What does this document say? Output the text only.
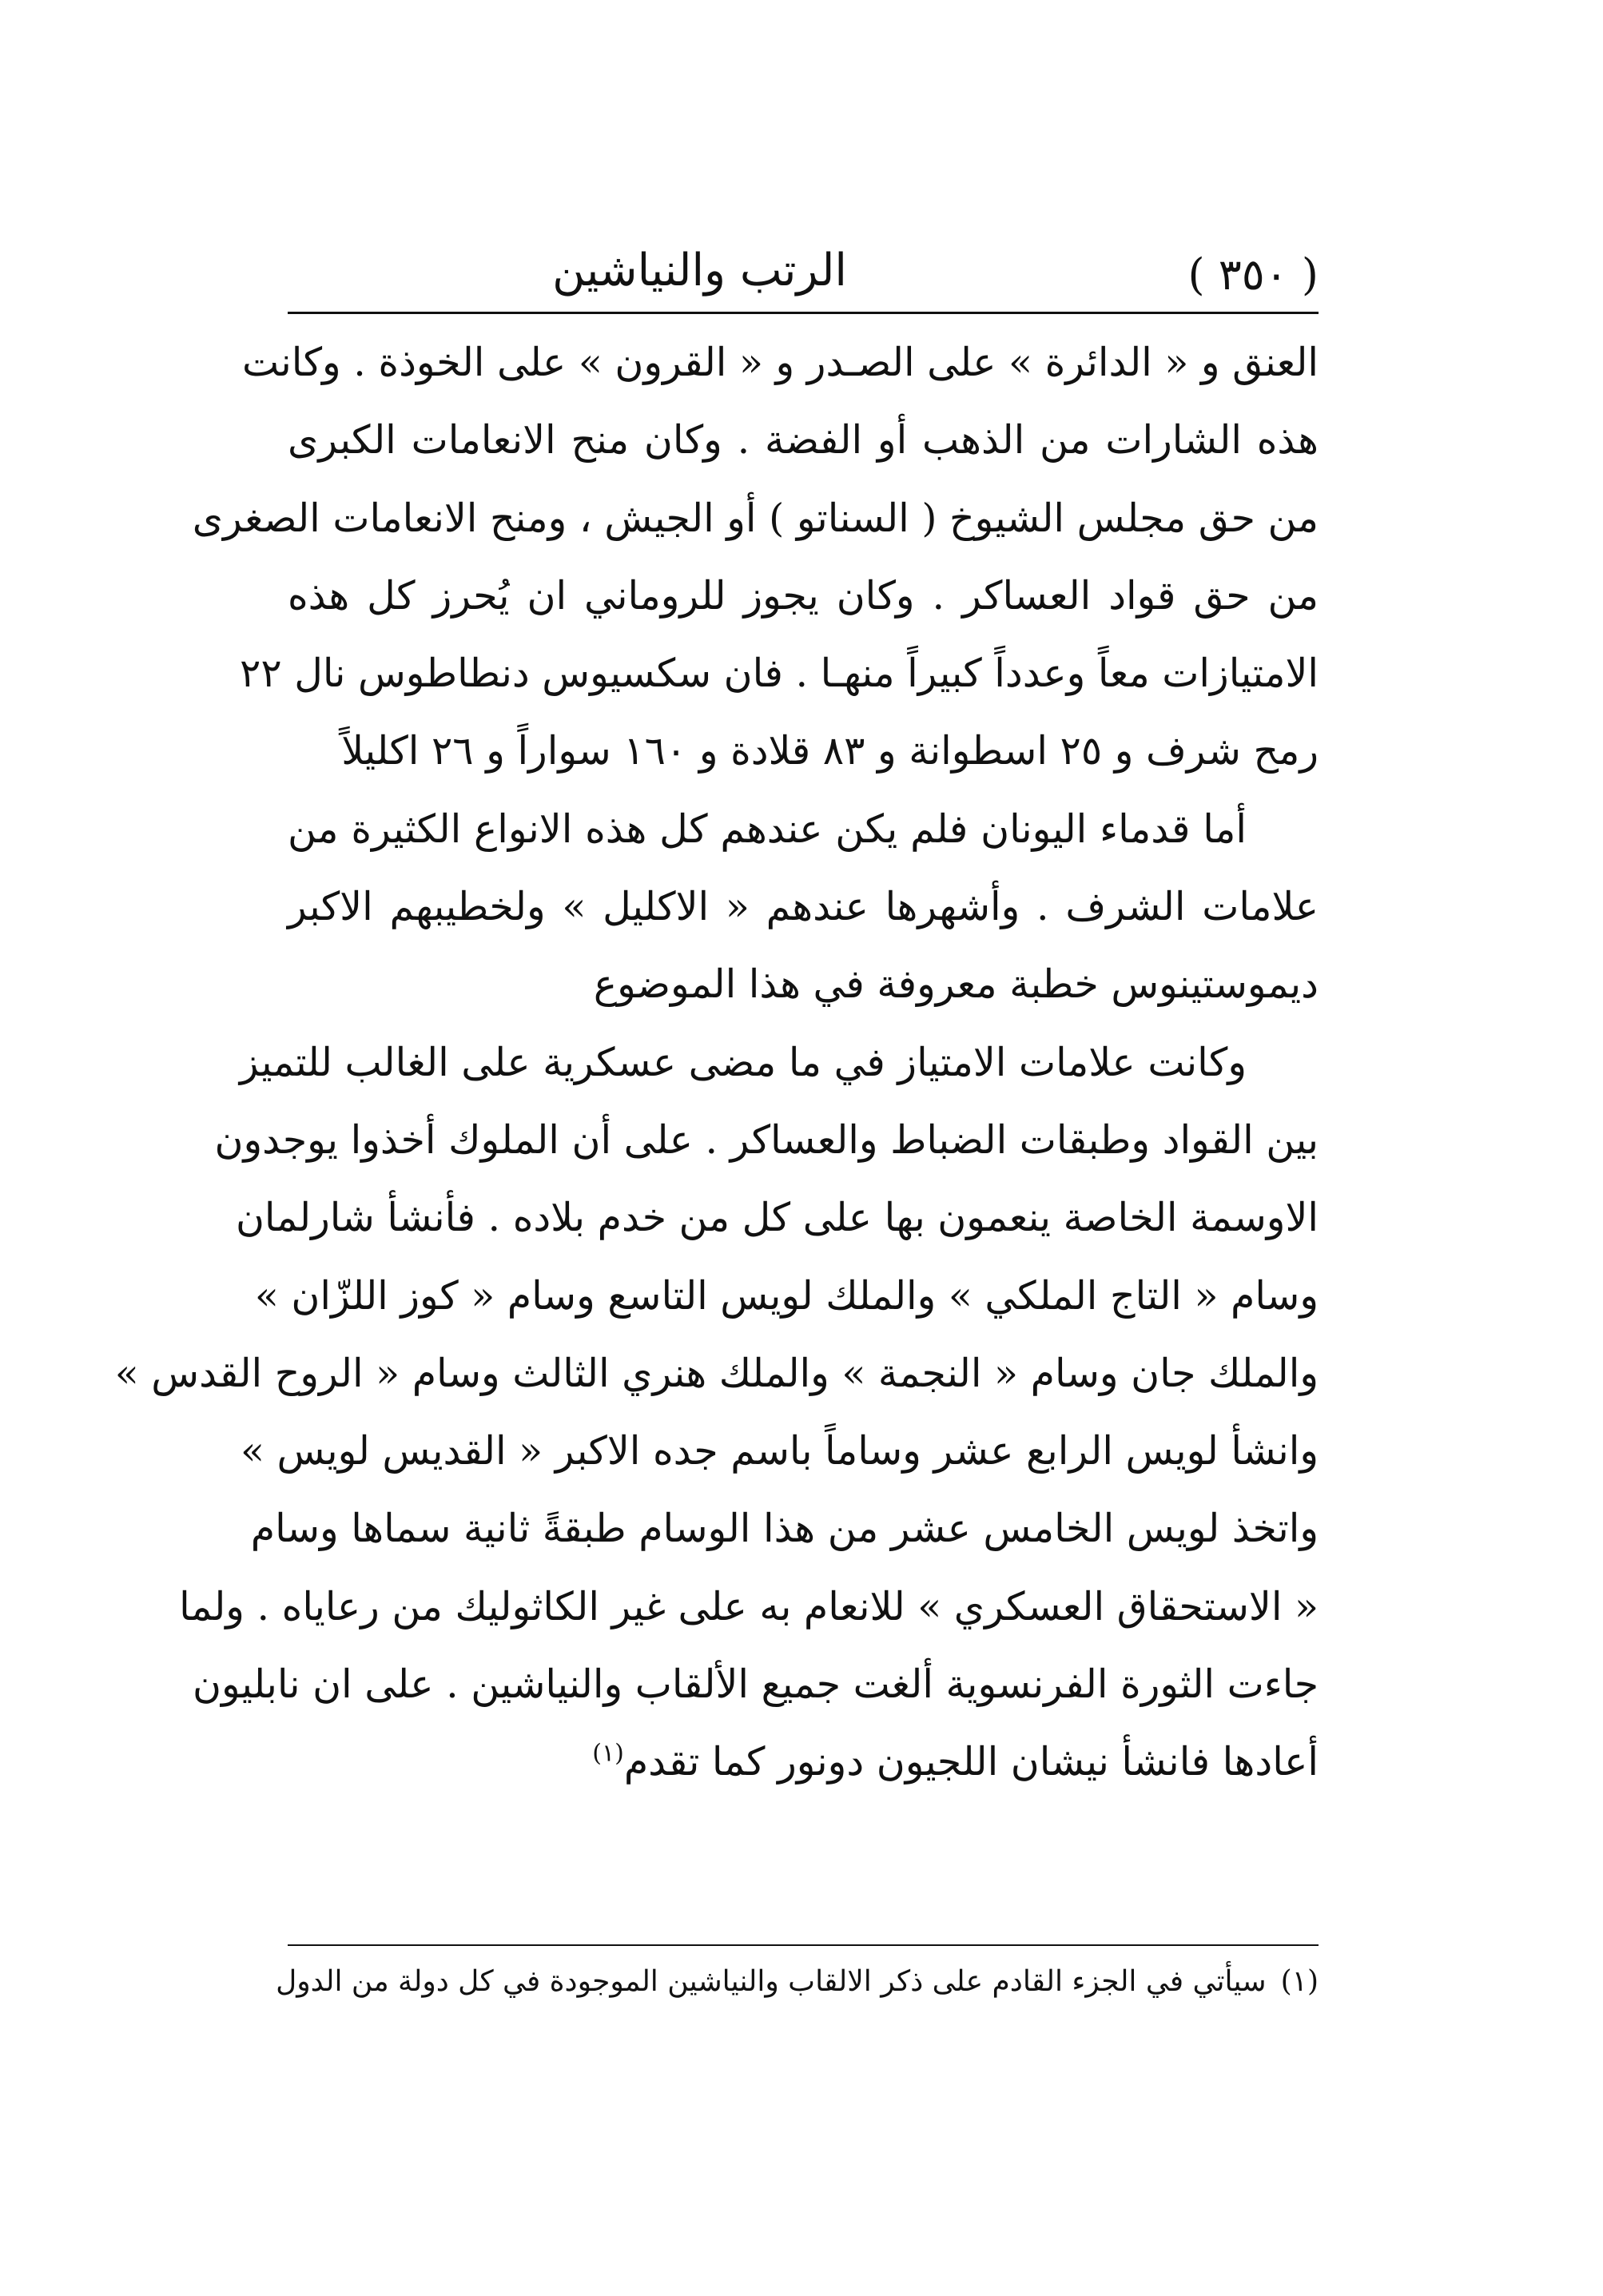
( ٣٥٠ )
الرتب والنياشين
العنق و « الدائرة » على الصـدر و « القرون » على الخوذة . وكانت
هذه الشارات من الذهب أو الفضة . وكان منح الانعامات الكبرى
من حق مجلس الشيوخ ( السناتو ) أو الجيش ، ومنح الانعامات الصغرى
من حق قواد العساكر . وكان يجوز للروماني ان يُحرز كل هذه
الامتيازات معاً وعدداً كبيراً منهـا . فان سكسيوس دنطاطوس نال ٢٢
رمح شرف و ٢٥ اسطوانة و ٨٣ قلادة و ١٦٠ سواراً و ٢٦ اكليلاً
أما قدماء اليونان فلم يكن عندهم كل هذه الانواع الكثيرة من
علامات الشرف . وأشهرها عندهم « الاكليل » ولخطيبهم الاكبر
ديموستينوس خطبة معروفة في هذا الموضوع
وكانت علامات الامتياز في ما مضى عسكرية على الغالب للتميز
بين القواد وطبقات الضباط والعساكر . على أن الملوك أخذوا يوجدون
الاوسمة الخاصة ينعمون بها على كل من خدم بلاده . فأنشأ شارلمان
وسام « التاج الملكي » والملك لويس التاسع وسام « كوز اللزّان »
والملك جان وسام « النجمة » والملك هنري الثالث وسام « الروح القدس »
وانشأ لويس الرابع عشر وساماً باسم جده الاكبر « القديس لويس »
واتخذ لويس الخامس عشر من هذا الوسام طبقةً ثانية سماها وسام
« الاستحقاق العسكري » للانعام به على غير الكاثوليك من رعاياه . ولما
جاءت الثورة الفرنسوية ألغت جميع الألقاب والنياشين . على ان نابليون
أعادها فانشأ نيشان اللجيون دونور كما تقدم$^{(١)}$
(١)سيأتي في الجزء القادم على ذكر الالقاب والنياشين الموجودة في كل دولة من الدول
